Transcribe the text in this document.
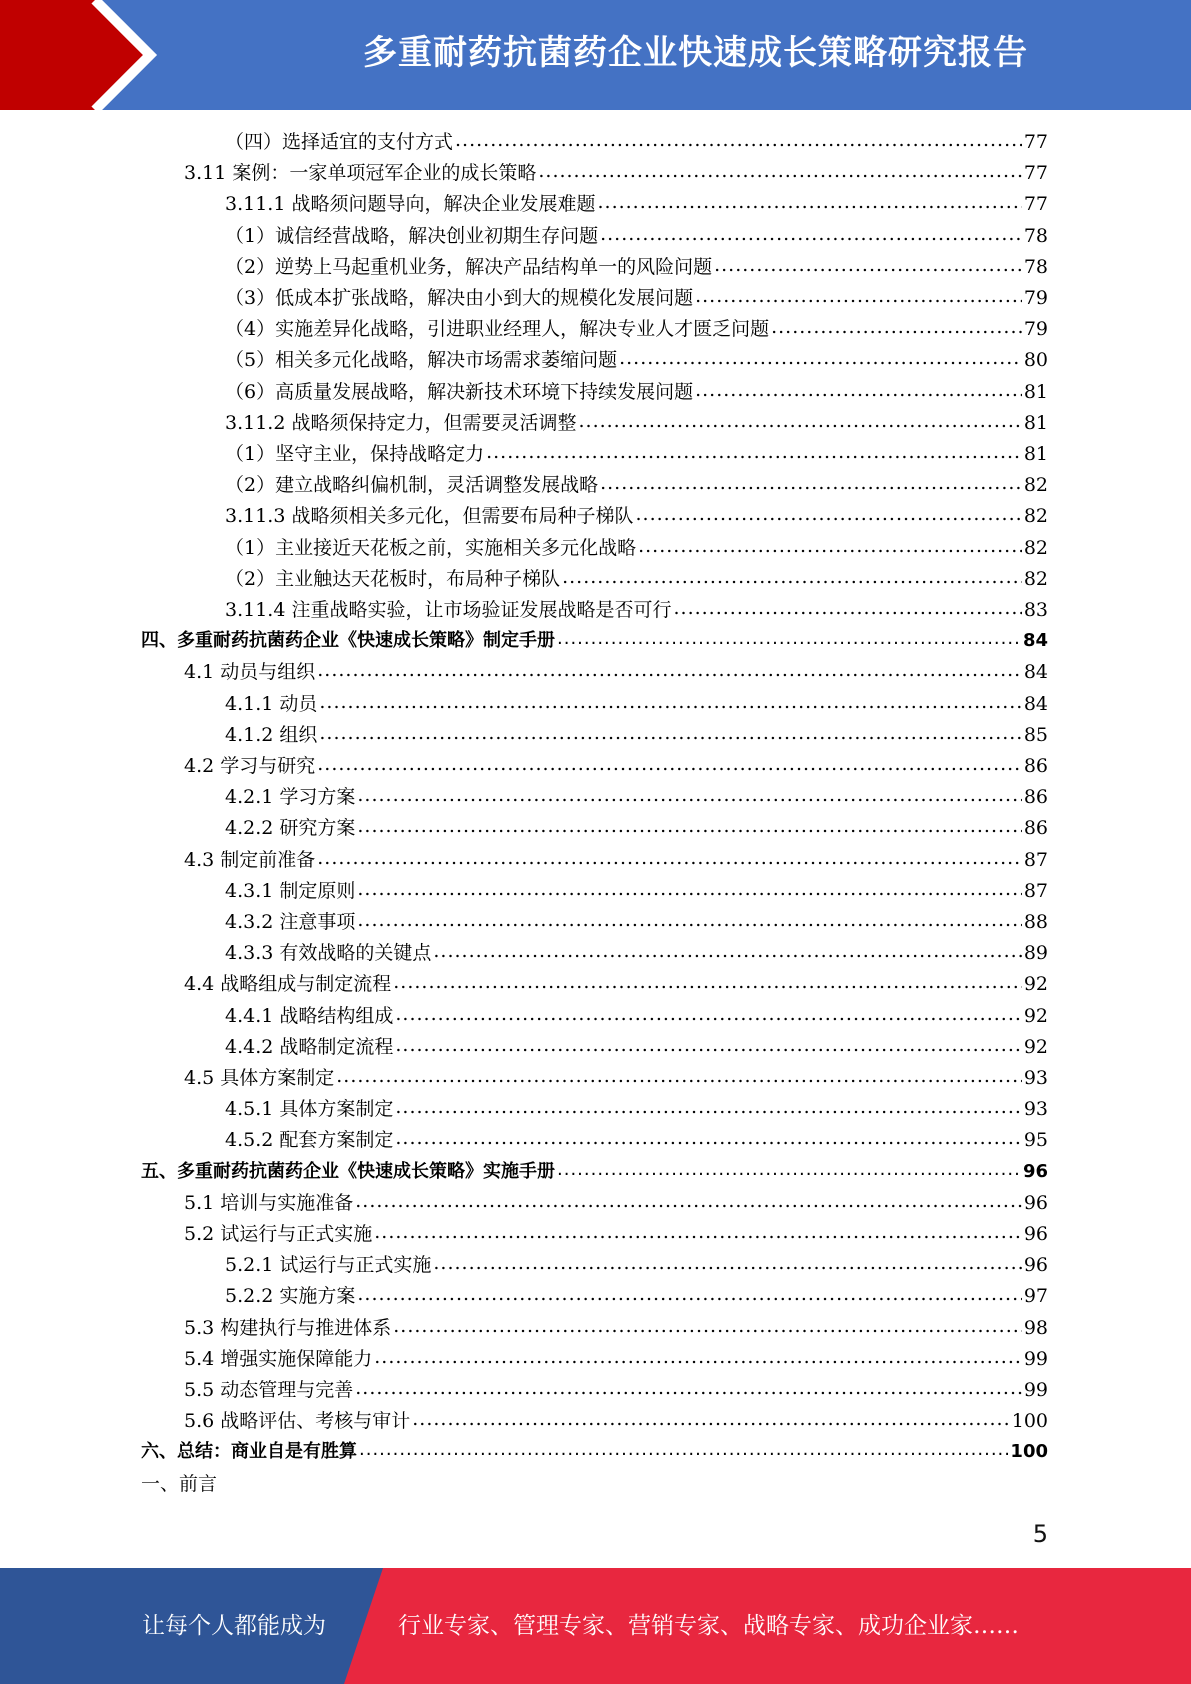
多重耐药抗菌药企业快速成长策略研究报告
（四）选择适宜的支付方式 .....	77
3.11 案例：一家单项冠军企业的成长策略 .....	77
3.11.1 战略须问题导向，解决企业发展难题 .....	77
（1）诚信经营战略，解决创业初期生存问题 .....	78
（2）逆势上马起重机业务，解决产品结构单一的风险问题 .....	78
（3）低成本扩张战略，解决由小到大的规模化发展问题 .....	79
（4）实施差异化战略，引进职业经理人，解决专业人才匮乏问题 .....	79
（5）相关多元化战略，解决市场需求萎缩问题 .....	80
（6）高质量发展战略，解决新技术环境下持续发展问题 .....	81
3.11.2 战略须保持定力，但需要灵活调整 .....	81
（1）坚守主业，保持战略定力 .....	81
（2）建立战略纠偏机制，灵活调整发展战略 .....	82
3.11.3 战略须相关多元化，但需要布局种子梯队 .....	82
（1）主业接近天花板之前，实施相关多元化战略 .....	82
（2）主业触达天花板时，布局种子梯队 .....	82
3.11.4 注重战略实验，让市场验证发展战略是否可行 .....	83
四、多重耐药抗菌药企业《快速成长策略》制定手册 .....	84
4.1 动员与组织 .....	84
4.1.1 动员 .....	84
4.1.2 组织 .....	85
4.2 学习与研究 .....	86
4.2.1 学习方案 .....	86
4.2.2 研究方案 .....	86
4.3 制定前准备 .....	87
4.3.1 制定原则 .....	87
4.3.2 注意事项 .....	88
4.3.3 有效战略的关键点 .....	89
4.4 战略组成与制定流程 .....	92
4.4.1 战略结构组成 .....	92
4.4.2 战略制定流程 .....	92
4.5 具体方案制定 .....	93
4.5.1 具体方案制定 .....	93
4.5.2 配套方案制定 .....	95
五、多重耐药抗菌药企业《快速成长策略》实施手册 .....	96
5.1 培训与实施准备 .....	96
5.2 试运行与正式实施 .....	96
5.2.1 试运行与正式实施 .....	96
5.2.2 实施方案 .....	97
5.3 构建执行与推进体系 .....	98
5.4 增强实施保障能力 .....	99
5.5 动态管理与完善 .....	99
5.6 战略评估、考核与审计 .....	100
六、总结：商业自是有胜算 .....	100
一、前言
5
让每个人都能成为	行业专家、管理专家、营销专家、战略专家、成功企业家……
